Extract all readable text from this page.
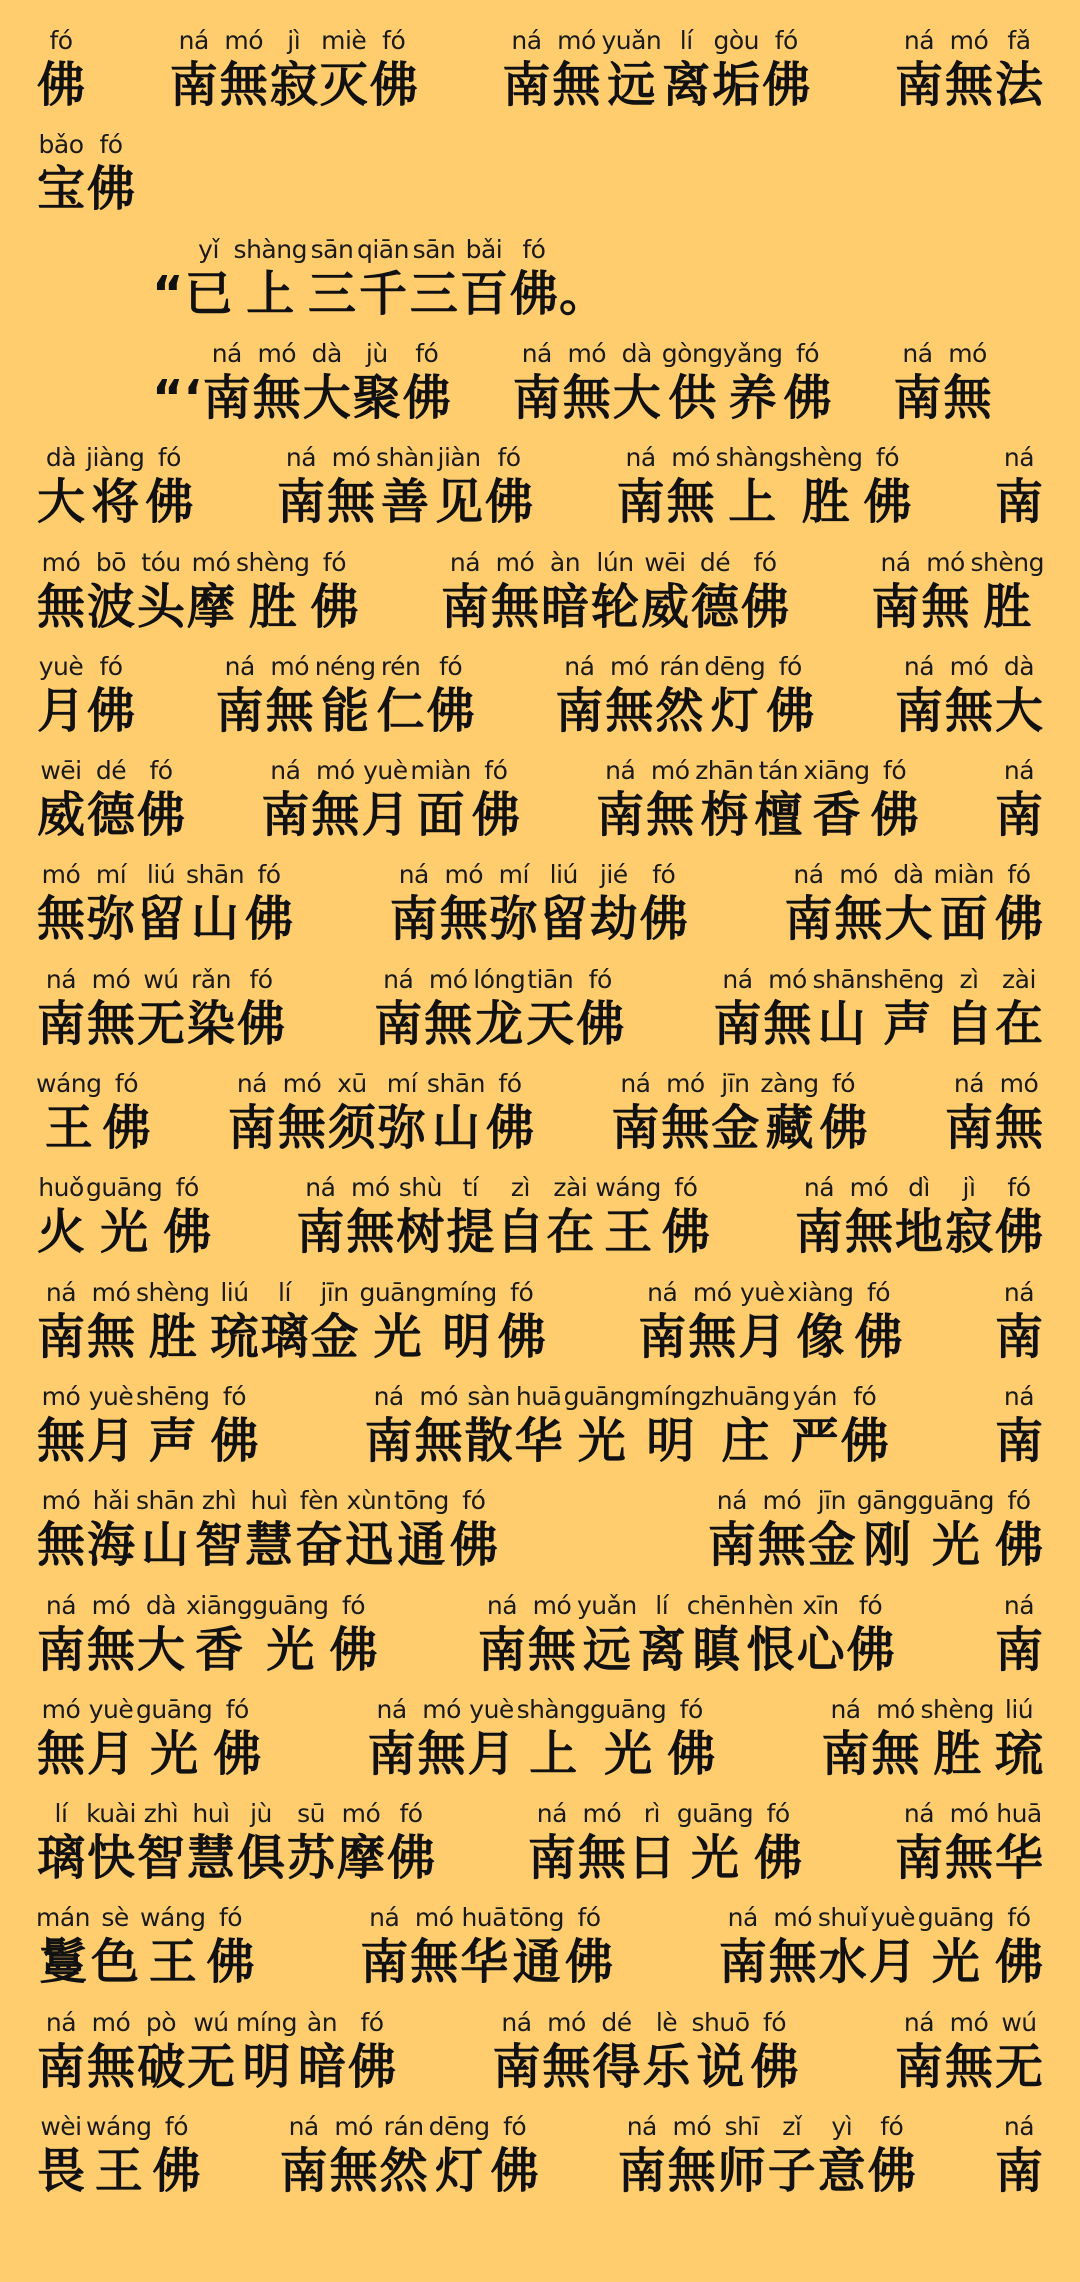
fó
佛
ná
南
mó
無
jì
寂
miè
灭
fó
佛
ná
南
mó
無
yuǎn
远
lí
离
gòu
垢
fó
佛
ná
南
mó
無
fǎ
法
bǎo
宝
fó
佛
“
yǐ
已
shàng
上
sān
三
qiān
千
sān
三
bǎi
百
fó
佛 。
“‘
ná
南
mó
無
dà
大
jù
聚
fó
佛
ná
南
mó
無
dà
大
gòng
供
yǎng
养
fó
佛
ná
南
mó
無
dà
大
jiàng
将
fó
佛
ná
南
mó
無
shàn
善
jiàn
见
fó
佛
ná
南
mó
無
shàng
上
shèng
胜
fó
佛
ná
南
mó
無
bō
波
tóu
头
mó
摩
shèng
胜
fó
佛
ná
南
mó
無
àn
暗
lún
轮
wēi
威
dé
德
fó
佛
ná
南
mó
無
shèng
胜
yuè
月
fó
佛
ná
南
mó
無
néng
能
rén
仁
fó
佛
ná
南
mó
無
rán
然
dēng
灯
fó
佛
ná
南
mó
無
dà
大
wēi
威
dé
德
fó
佛
ná
南
mó
無
yuè
月
miàn
面
fó
佛
ná
南
mó
無
zhān
栴
tán
檀
xiāng
香
fó
佛
ná
南
mó
無
mí
弥
liú
留
shān
山
fó
佛
ná
南
mó
無
mí
弥
liú
留
jié
劫
fó
佛
ná
南
mó
無
dà
大
miàn
面
fó
佛
ná
南
mó
無
wú
无
rǎn
染
fó
佛
ná
南
mó
無
lóng
龙
tiān
天
fó
佛
ná
南
mó
無
shān
山
shēng
声
zì
自
zài
在
wáng
王
fó
佛
ná
南
mó
無
xū
须
mí
弥
shān
山
fó
佛
ná
南
mó
無
jīn
金
zàng
藏
fó
佛
ná
南
mó
無
huǒ
火
guāng
光
fó
佛
ná
南
mó
無
shù
树
tí
提
zì
自
zài
在
wáng
王
fó
佛
ná
南
mó
無
dì
地
jì
寂
fó
佛
ná
南
mó
無
shèng
胜
liú
琉
lí
璃
jīn
金
guāng
光
míng
明
fó
佛
ná
南
mó
無
yuè
月
xiàng
像
fó
佛
ná
南
mó
無
yuè
月
shēng
声
fó
佛
ná
南
mó
無
sàn
散
huā
华
guāng
光
míng
明
zhuāng
庄
yán
严
fó
佛
ná
南
mó
無
hǎi
海
shān
山
zhì
智
huì
慧
fèn
奋
xùn
迅
tōng
通
fó
佛
ná
南
mó
無
jīn
金
gāng
刚
guāng
光
fó
佛
ná
南
mó
無
dà
大
xiāng
香
guāng
光
fó
佛
ná
南
mó
無
yuǎn
远
lí
离
chēn
瞋
hèn
恨
xīn
心
fó
佛
ná
南
mó
無
yuè
月
guāng
光
fó
佛
ná
南
mó
無
yuè
月
shàng
上
guāng
光
fó
佛
ná
南
mó
無
shèng
胜
liú
琉
lí
璃
kuài
快
zhì
智
huì
慧
jù
俱
sū
苏
mó
摩
fó
佛
ná
南
mó
無
rì
日
guāng
光
fó
佛
ná
南
mó
無
huā
华
mán
鬘
sè
色
wáng
王
fó
佛
ná
南
mó
無
huā
华
tōng
通
fó
佛
ná
南
mó
無
shuǐ
水
yuè
月
guāng
光
fó
佛
ná
南
mó
無
pò
破
wú
无
míng
明
àn
暗
fó
佛
ná
南
mó
無
dé
得
lè
乐
shuō
说
fó
佛
ná
南
mó
無
wú
无
wèi
畏
wáng
王
fó
佛
ná
南
mó
無
rán
然
dēng
灯
fó
佛
ná
南
mó
無
shī
师
zǐ
子
yì
意
fó
佛
ná
南
